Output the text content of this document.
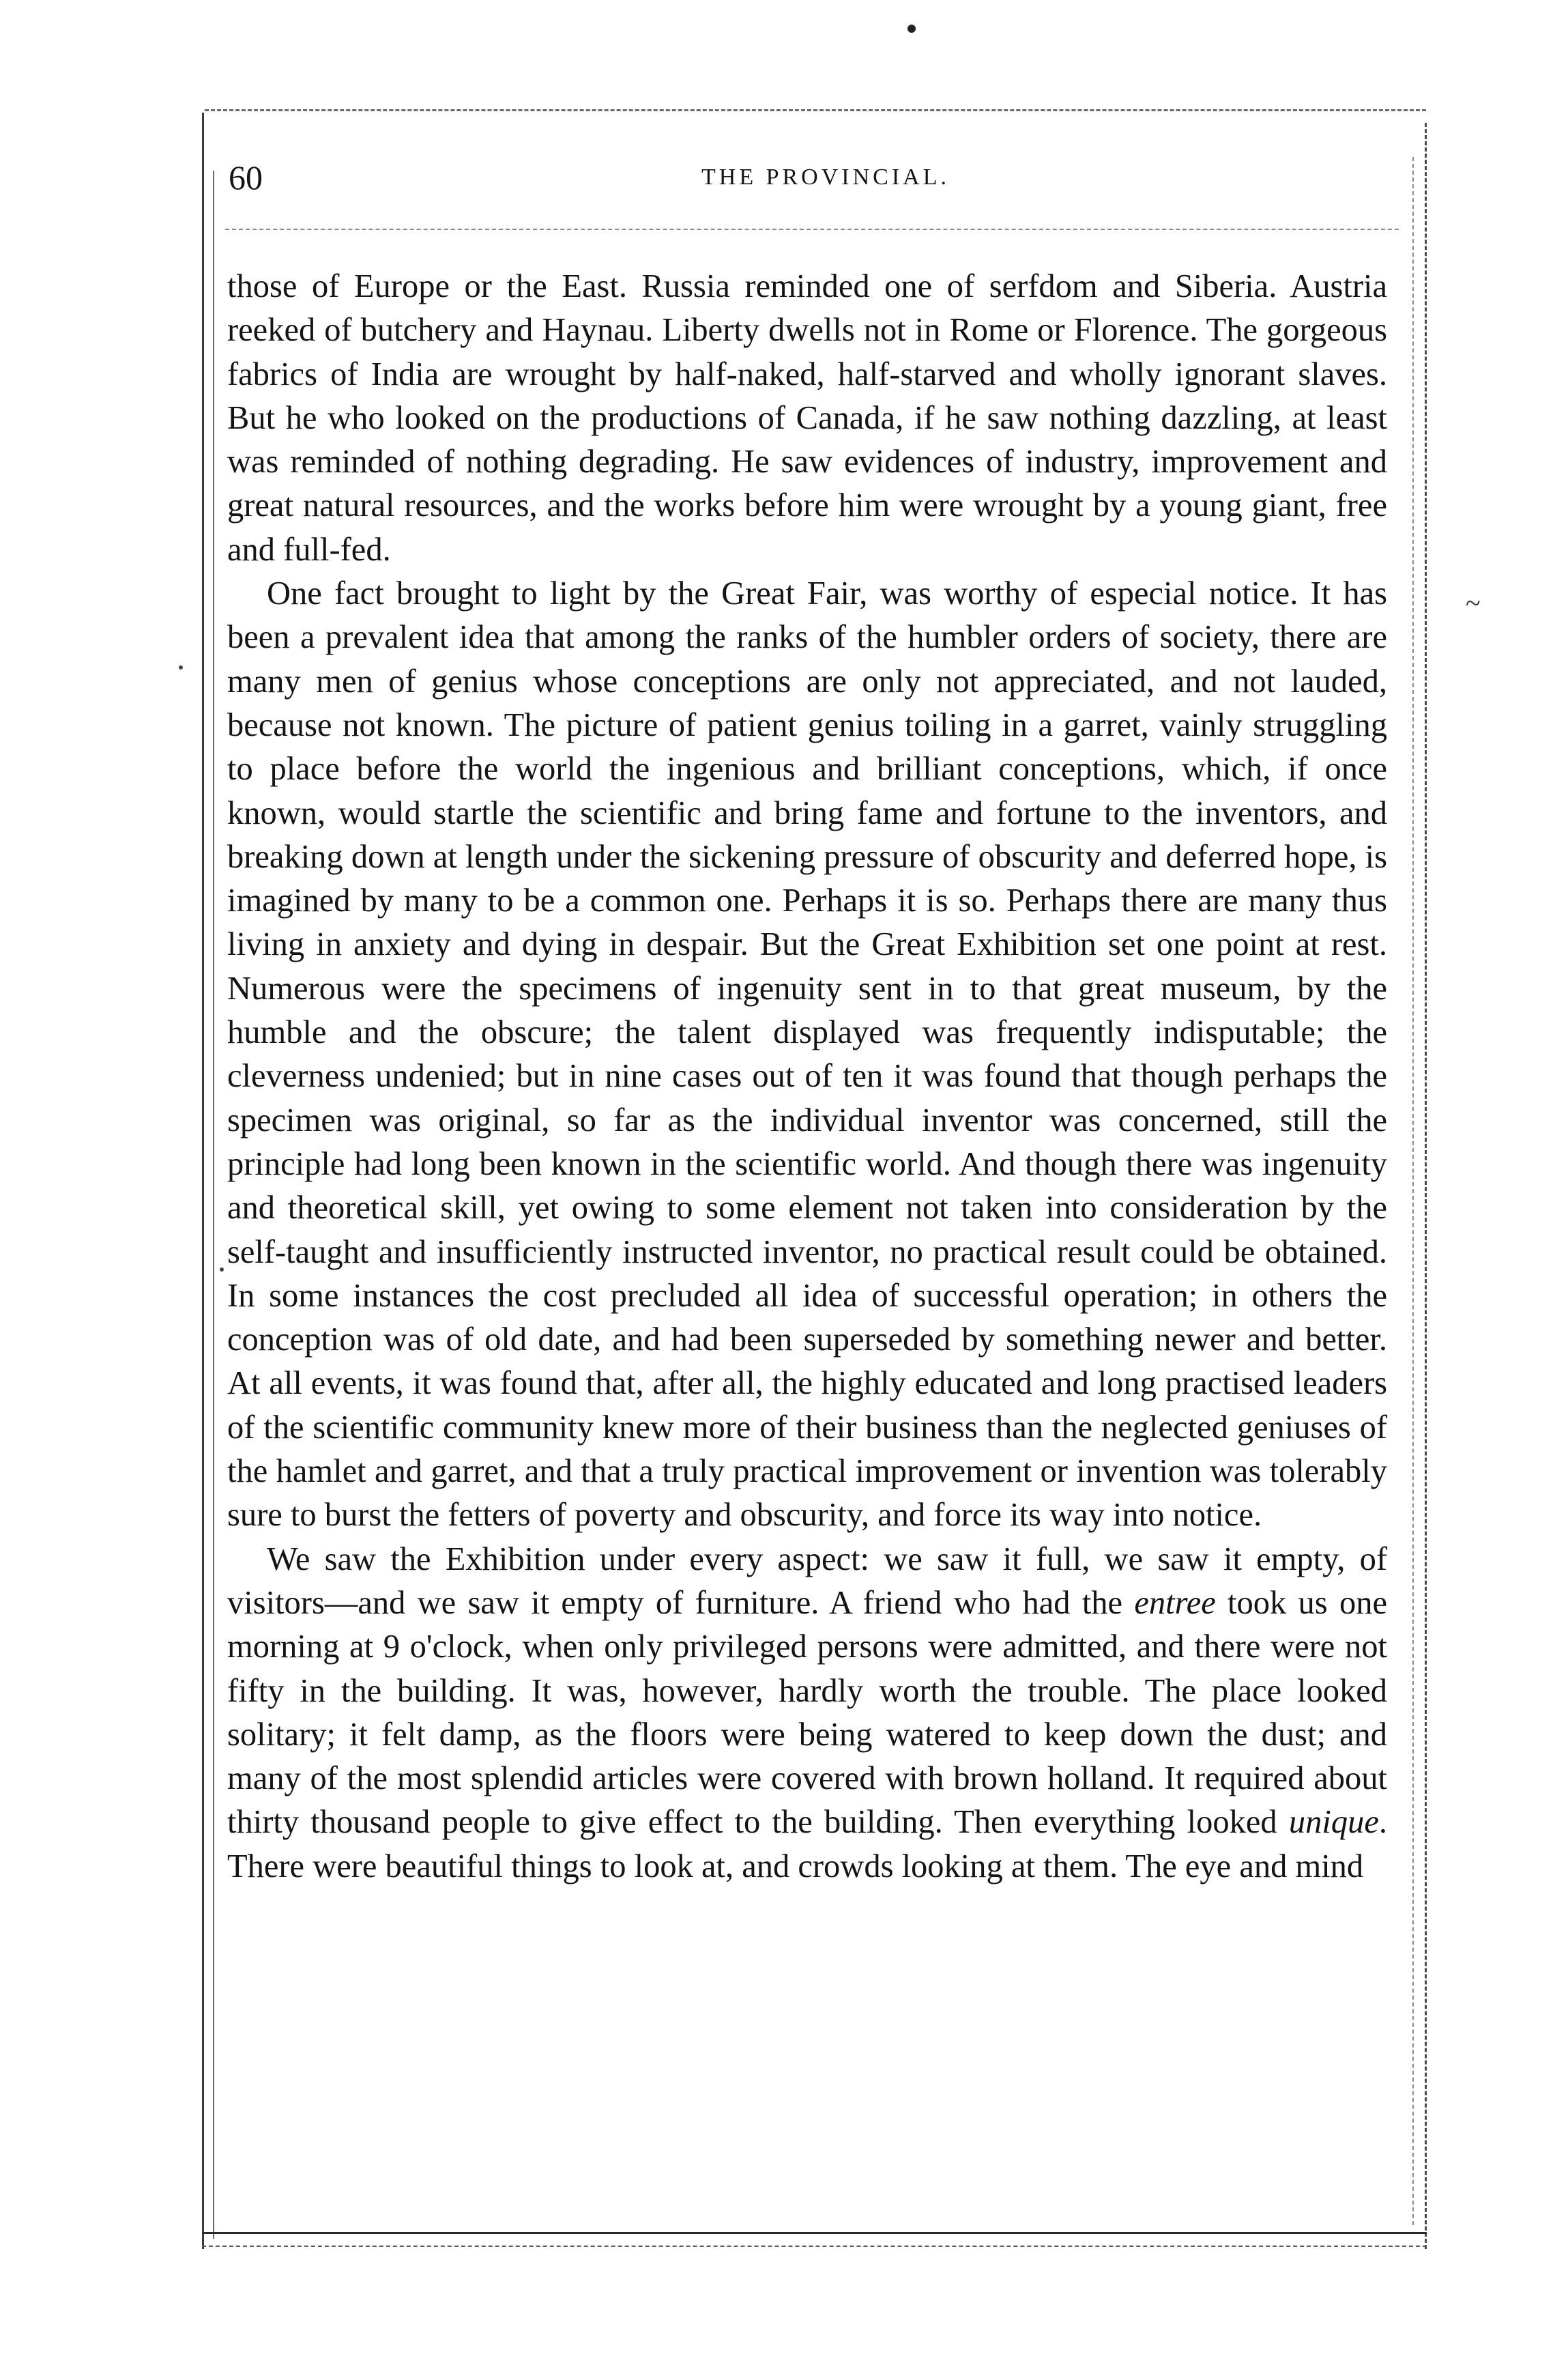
60	THE PROVINCIAL.

those of Europe or the East. Russia reminded one of serfdom and Siberia. Austria reeked of butchery and Haynau. Liberty dwells not in Rome or Florence. The gorgeous fabrics of India are wrought by half-naked, half-starved and wholly ignorant slaves. But he who looked on the productions of Canada, if he saw nothing dazzling, at least was reminded of nothing degrading. He saw evidences of industry, improvement and great natural resources, and the works before him were wrought by a young giant, free and full-fed.

One fact brought to light by the Great Fair, was worthy of especial notice. It has been a prevalent idea that among the ranks of the humbler orders of society, there are many men of genius whose conceptions are only not appreciated, and not lauded, because not known. The picture of patient genius toiling in a garret, vainly struggling to place before the world the ingenious and brilliant conceptions, which, if once known, would startle the scientific and bring fame and fortune to the inventors, and breaking down at length under the sickening pressure of obscurity and deferred hope, is imagined by many to be a common one. Perhaps it is so. Perhaps there are many thus living in anxiety and dying in despair. But the Great Exhibition set one point at rest. Numerous were the specimens of ingenuity sent in to that great museum, by the humble and the obscure; the talent displayed was frequently indisputable; the cleverness undenied; but in nine cases out of ten it was found that though perhaps the specimen was original, so far as the individual inventor was concerned, still the principle had long been known in the scientific world. And though there was ingenuity and theoretical skill, yet owing to some element not taken into consideration by the self-taught and insufficiently instructed inventor, no practical result could be obtained. In some instances the cost precluded all idea of successful operation; in others the conception was of old date, and had been superseded by something newer and better. At all events, it was found that, after all, the highly educated and long practised leaders of the scientific community knew more of their business than the neglected geniuses of the hamlet and garret, and that a truly practical improvement or invention was tolerably sure to burst the fetters of poverty and obscurity, and force its way into notice.

We saw the Exhibition under every aspect: we saw it full, we saw it empty, of visitors—and we saw it empty of furniture. A friend who had the entree took us one morning at 9 o'clock, when only privileged persons were admitted, and there were not fifty in the building. It was, however, hardly worth the trouble. The place looked solitary; it felt damp, as the floors were being watered to keep down the dust; and many of the most splendid articles were covered with brown holland. It required about thirty thousand people to give effect to the building. Then everything looked unique. There were beautiful things to look at, and crowds looking at them. The eye and mind

~
